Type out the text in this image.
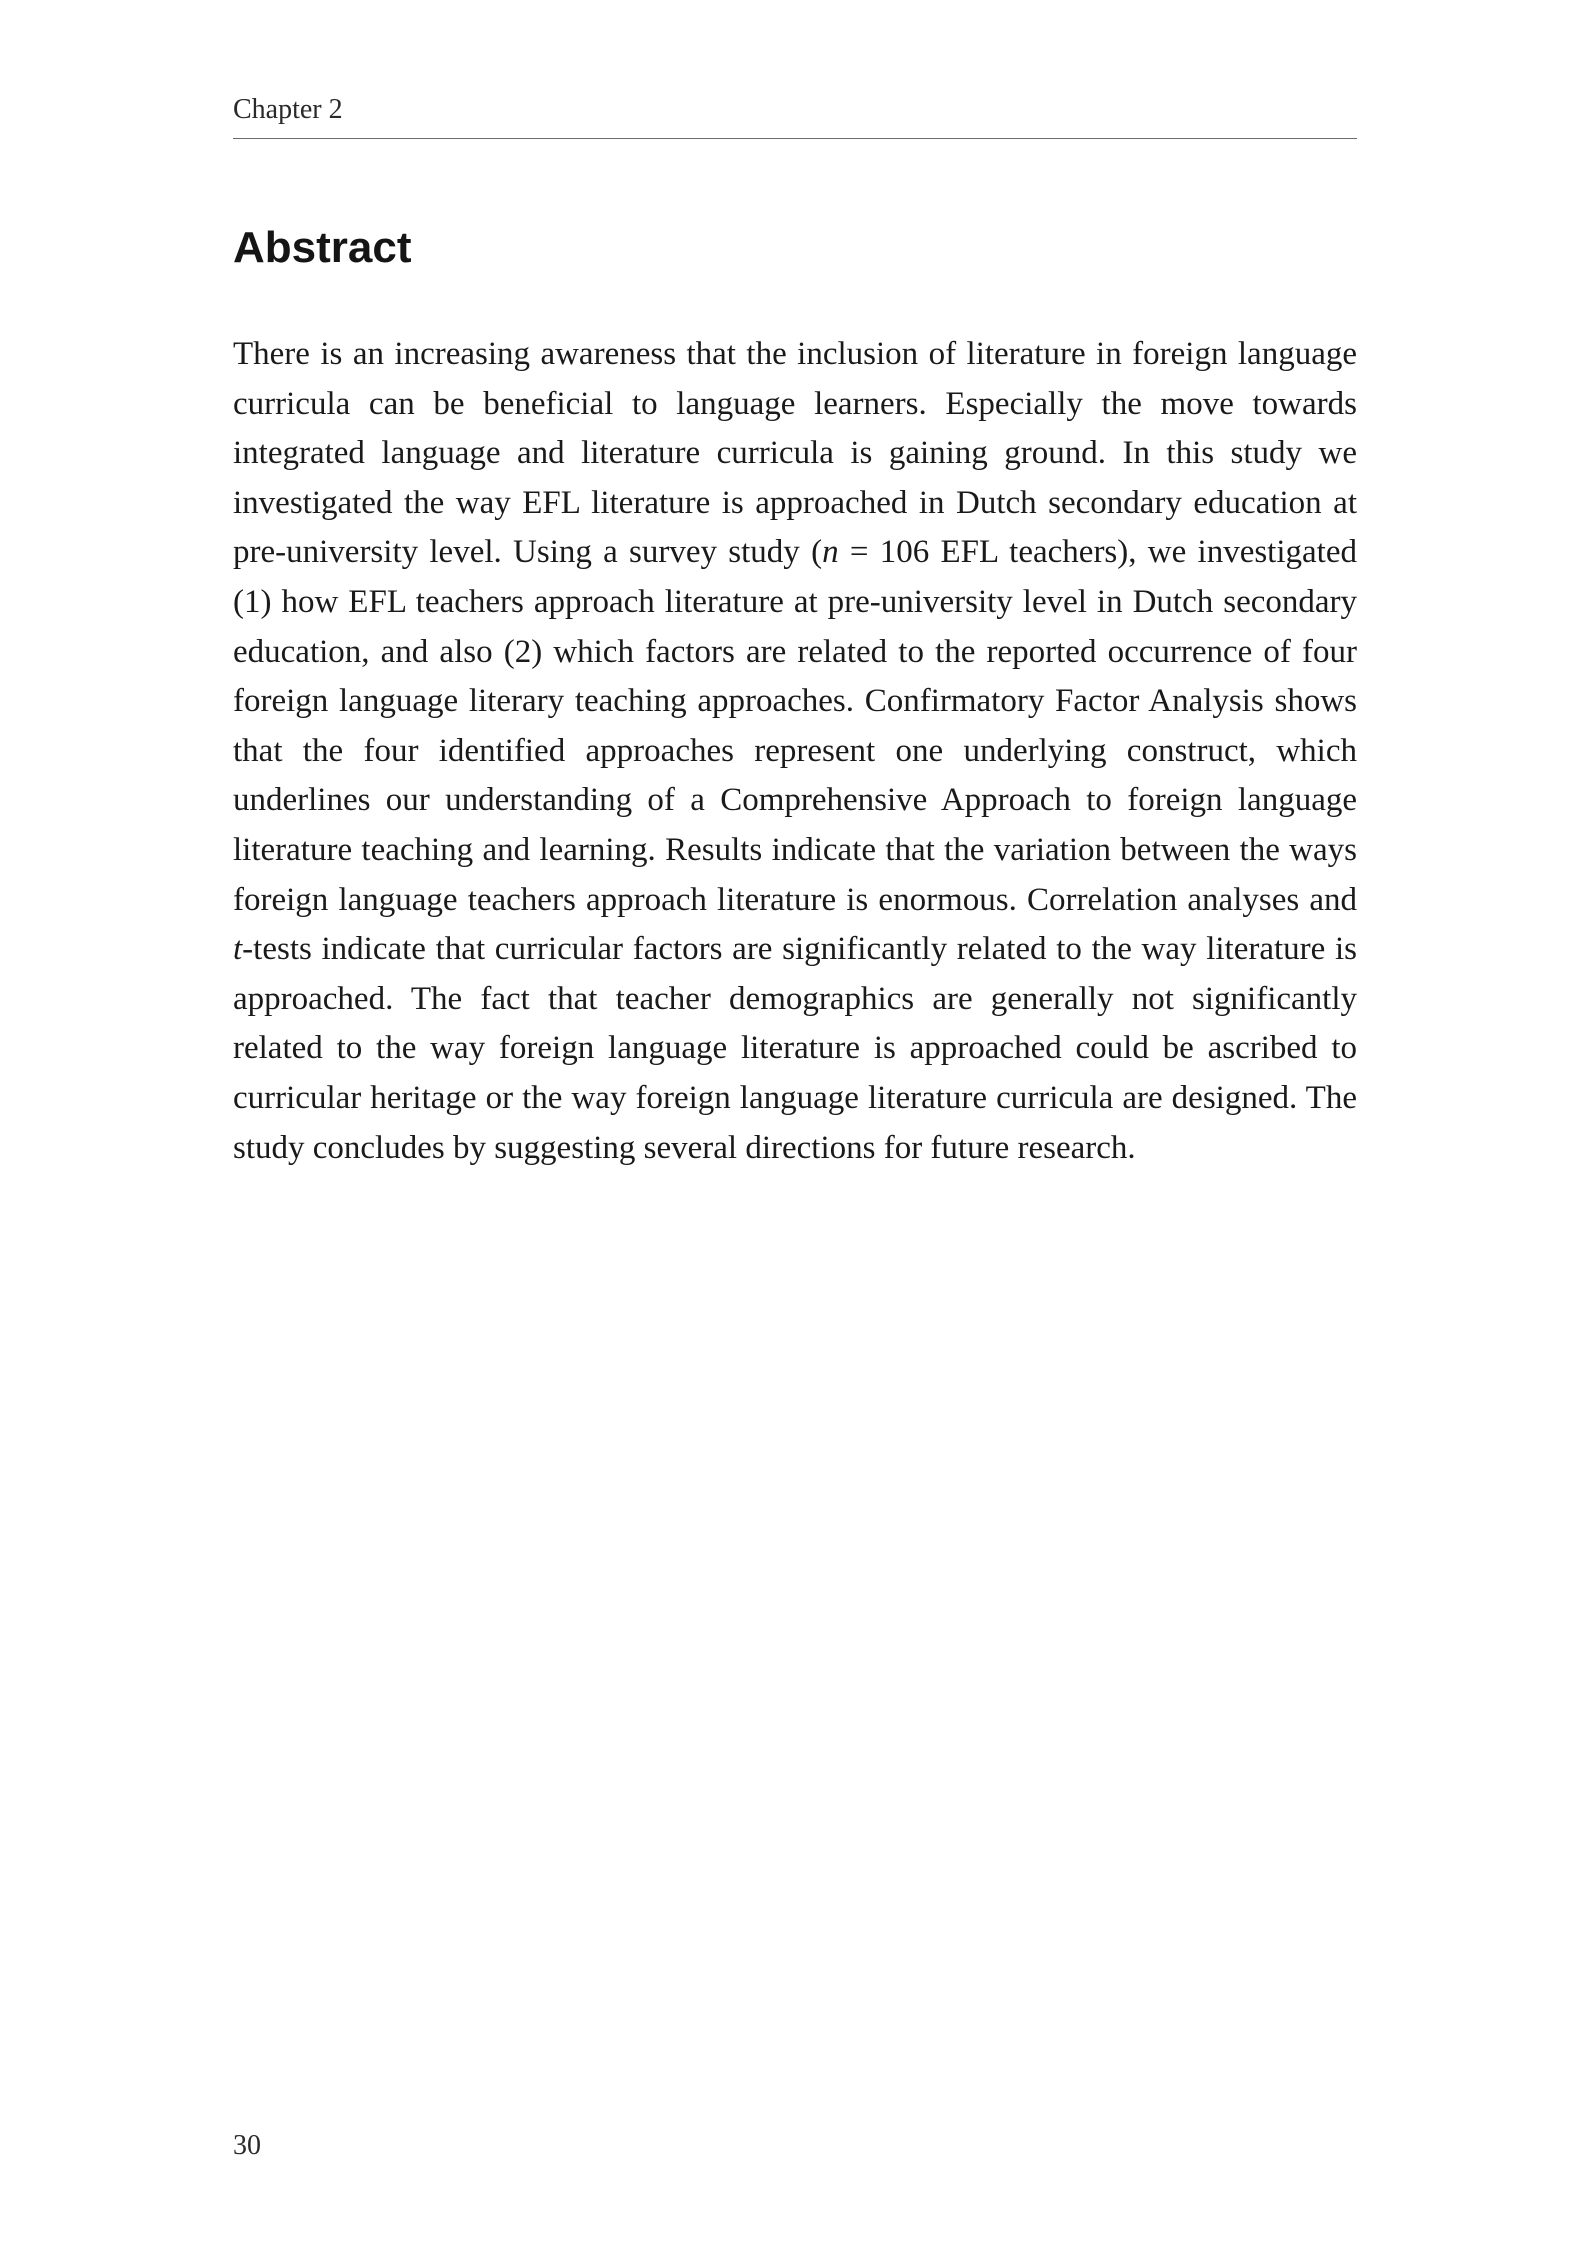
Chapter 2
Abstract

There is an increasing awareness that the inclusion of literature in foreign language curricula can be beneficial to language learners. Especially the move towards integrated language and literature curricula is gaining ground. In this study we investigated the way EFL literature is approached in Dutch secondary education at pre-university level. Using a survey study (n = 106 EFL teachers), we investigated (1) how EFL teachers approach literature at pre-university level in Dutch secondary education, and also (2) which factors are related to the reported occurrence of four foreign language literary teaching approaches. Confirmatory Factor Analysis shows that the four identified approaches represent one underlying construct, which underlines our understanding of a Comprehensive Approach to foreign language literature teaching and learning. Results indicate that the variation between the ways foreign language teachers approach literature is enormous. Correlation analyses and t-tests indicate that curricular factors are significantly related to the way literature is approached. The fact that teacher demographics are generally not significantly related to the way foreign language literature is approached could be ascribed to curricular heritage or the way foreign language literature curricula are designed. The study concludes by suggesting several directions for future research.

30
